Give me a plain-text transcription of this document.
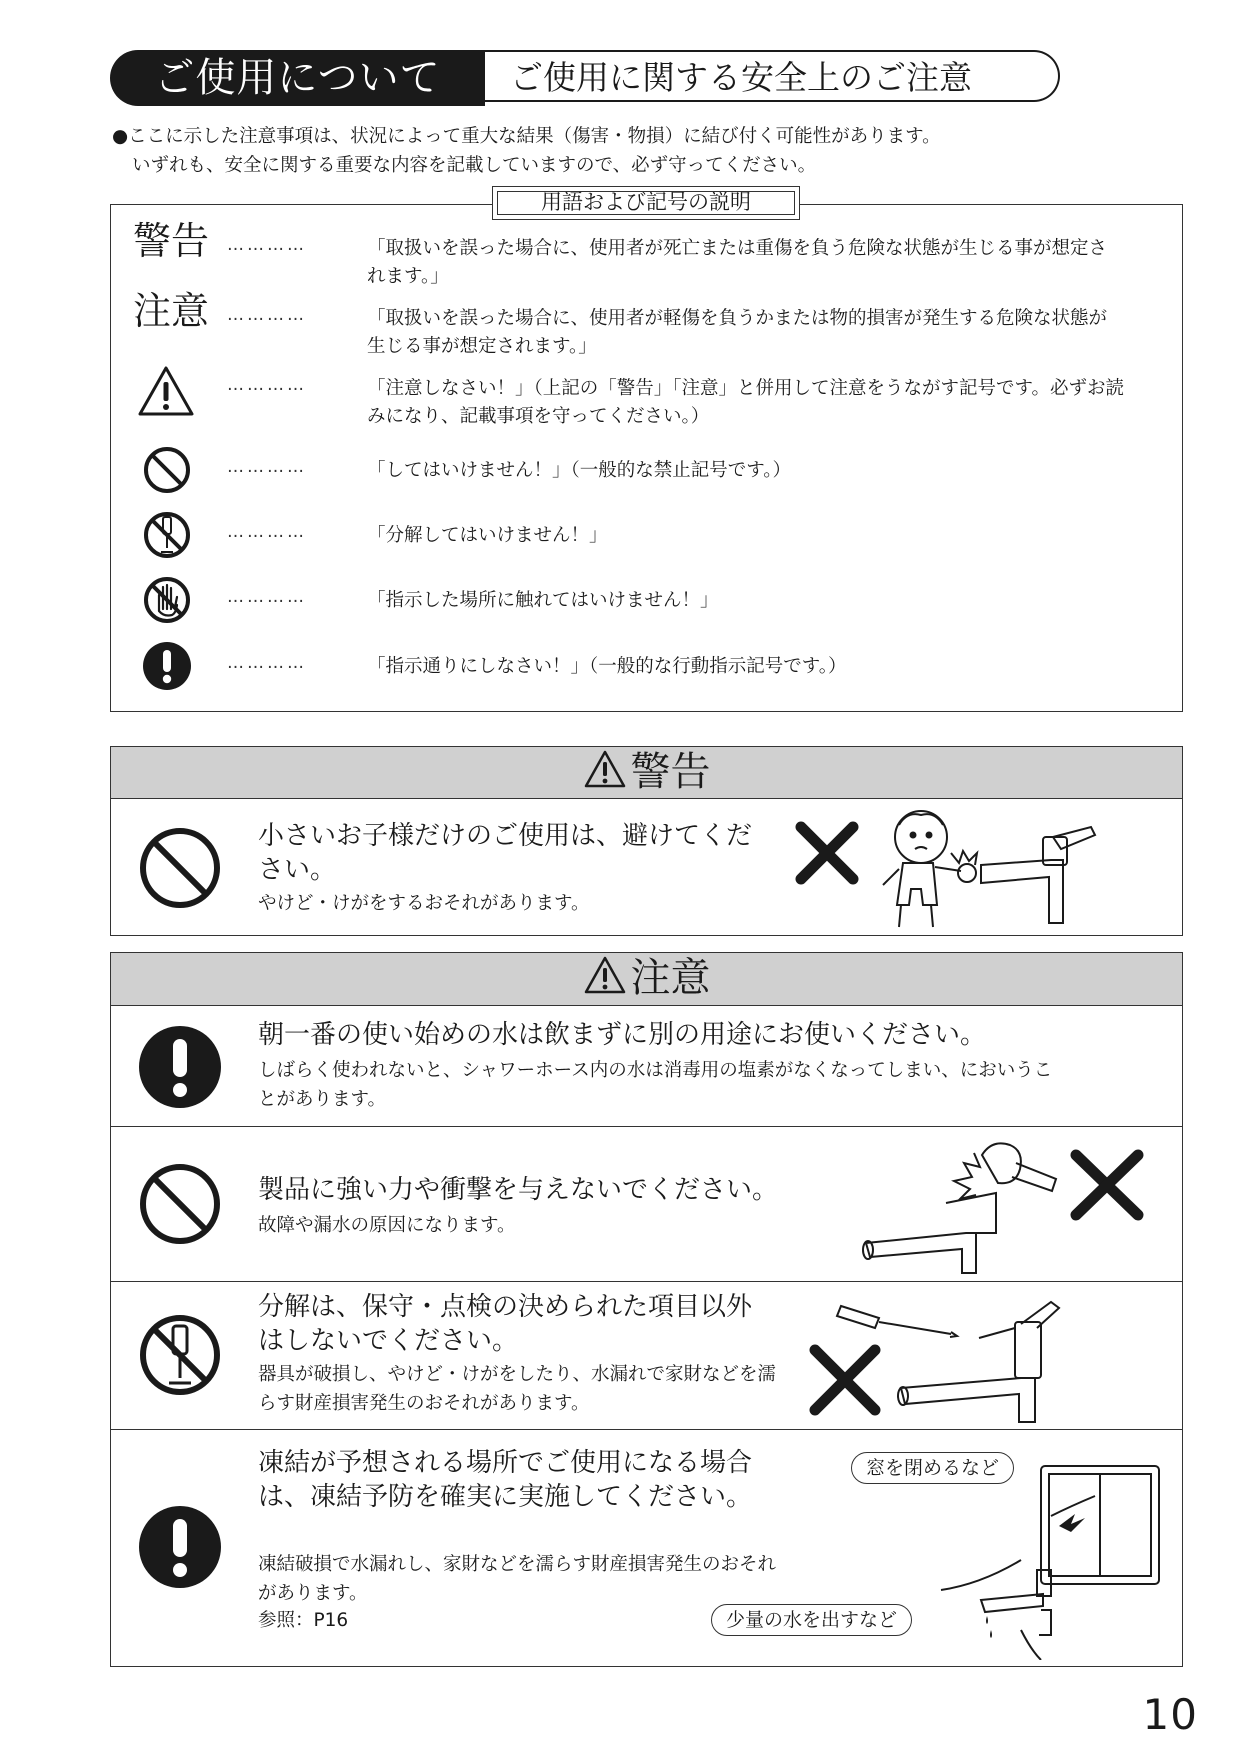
ご使用について	ご使用に関する安全上のご注意
●ここに示した注意事項は、状況によって重大な結果（傷害・物損）に結び付く可能性があります。
いずれも、安全に関する重要な内容を記載していますので、必ず守ってください。
警告 …………	「取扱いを誤った場合に、使用者が死亡または重傷を負う危険な状態が生じる事が想定されます。」
注意 …………	「取扱いを誤った場合に、使用者が軽傷を負うかまたは物的損害が発生する危険な状態が生じる事が想定されます。」
…………	「注意しなさい！」（上記の「警告」「注意」と併用して注意をうながす記号です。必ずお読みになり、記載事項を守ってください。）
…………	「してはいけません！」（一般的な禁止記号です。）
…………	「分解してはいけません！」
…………	「指示した場所に触れてはいけません！」
…………	「指示通りにしなさい！」（一般的な行動指示記号です。）
用語および記号の説明
警告
小さいお子様だけのご使用は、避けてください。
やけど・けがをするおそれがあります。
注意
朝一番の使い始めの水は飲まずに別の用途にお使いください。
しばらく使われないと、シャワーホース内の水は消毒用の塩素がなくなってしまい、においうことがあります。
製品に強い力や衝撃を与えないでください。
故障や漏水の原因になります。
分解は、保守・点検の決められた項目以外はしないでください。
器具が破損し、やけど・けがをしたり、水漏れで家財などを濡らす財産損害発生のおそれがあります。
凍結が予想される場所でご使用になる場合は、凍結予防を確実に実施してください。
凍結破損で水漏れし、家財などを濡らす財産損害発生のおそれがあります。
参照：P16
窓を閉めるなど
少量の水を出すなど
10
